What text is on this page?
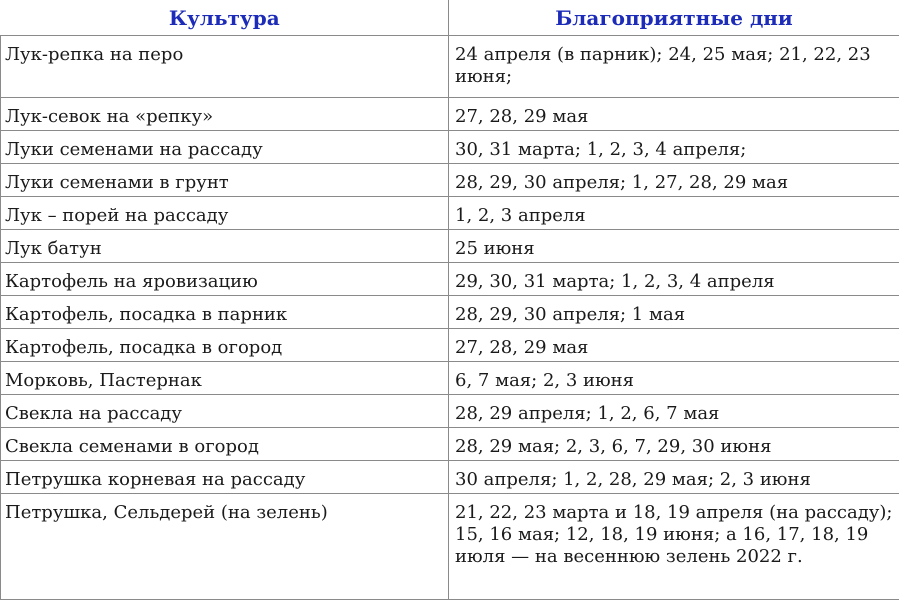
Культура	Благоприятные дни
Лук-репка на перо	24 апреля (в парник); 24, 25 мая; 21, 22, 23 июня;
Лук-севок на «репку»	27, 28, 29 мая
Луки семенами на рассаду	30, 31 марта; 1, 2, 3, 4 апреля;
Луки семенами в грунт	28, 29, 30 апреля; 1, 27, 28, 29 мая
Лук – порей на рассаду	1, 2, 3 апреля
Лук батун	25 июня
Картофель на яровизацию	29, 30, 31 марта; 1, 2, 3, 4 апреля
Картофель, посадка в парник	28, 29, 30 апреля; 1 мая
Картофель, посадка в огород	27, 28, 29 мая
Морковь, Пастернак	6, 7 мая; 2, 3 июня
Свекла на рассаду	28, 29 апреля; 1, 2, 6, 7 мая
Свекла семенами в огород	28, 29 мая; 2, 3, 6, 7, 29, 30 июня
Петрушка корневая на рассаду	30 апреля; 1, 2, 28, 29 мая; 2, 3 июня
Петрушка, Сельдерей (на зелень)	21, 22, 23 марта и 18, 19 апреля (на рассаду); 15, 16 мая; 12, 18, 19 июня; а 16, 17, 18, 19 июля — на весеннюю зелень 2022 г.
